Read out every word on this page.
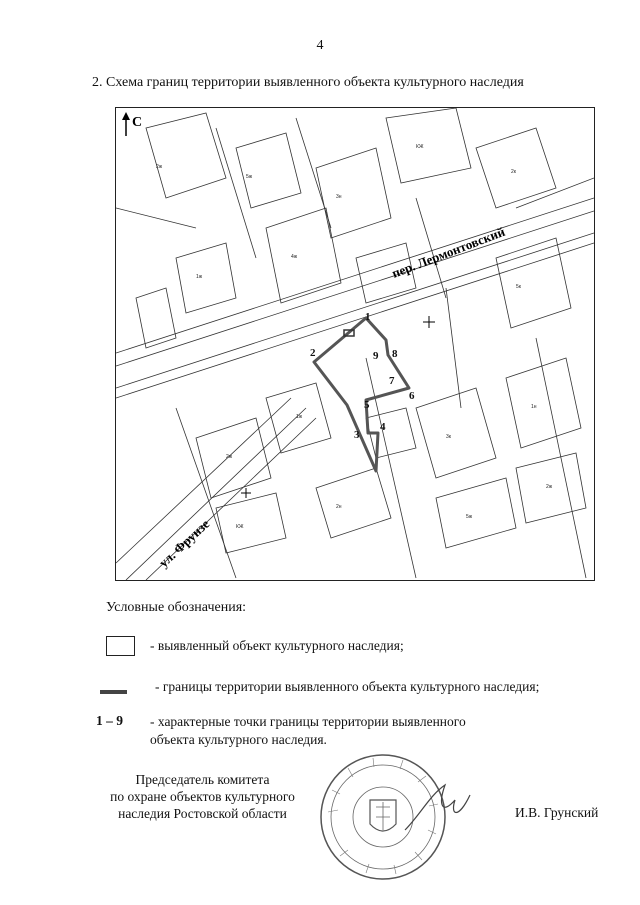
4
2. Схема границ территории выявленного объекта культурного наследия
2ж
5ж
3н
КЖ
2к
1ж
4ж
5к
2ж
3к
1н
2н
5ж
1ж
КЖ
2ж
С
пер. Лермонтовский
ул. Фрунзе
1
2
3
4
5
6
7
8
9
Условные обозначения:
- выявленный объект культурного наследия;
- границы территории выявленного объекта культурного наследия;
1 – 9 - характерные точки границы территории выявленного
объекта культурного наследия.
Председатель комитета
по охране объектов культурного
наследия Ростовской области	И.В. Грунский
